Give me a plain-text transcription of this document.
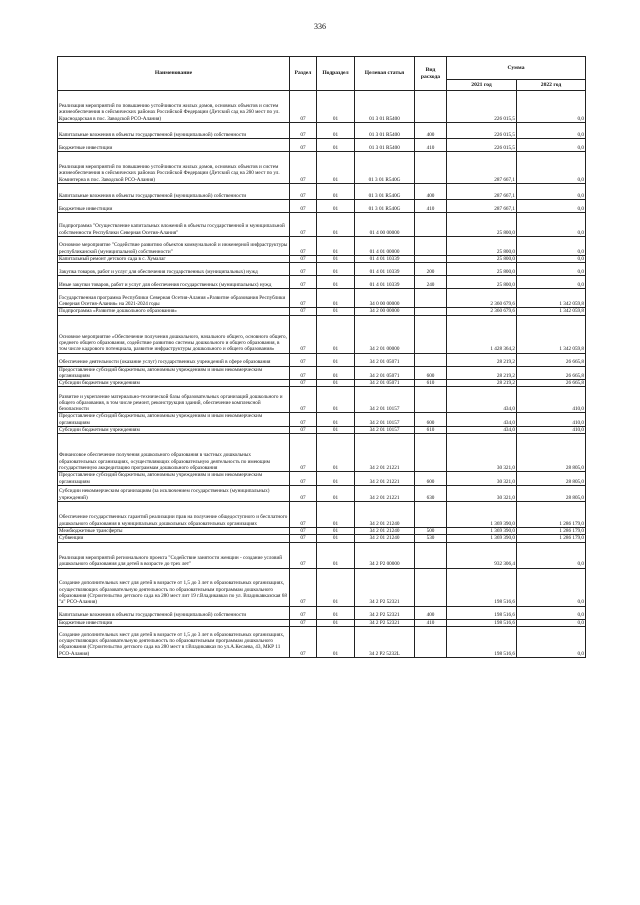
336
Наименование	Раздел	Подраздел	Целевая статья	Вид расхода	Сумма	
					2021 год	2022 год
Реализация мероприятий по повышению устойчивости жилых домов, основных объектов и систем жизнеобеспечения в сейсмических районах Российской Федерации (Детский сад на 260 мест по ул. Краснодарская в пос. Заводской РСО-Алания)	07	01	01 3 01 R5400		226 015,5	0,0
Капитальные вложения в объекты государственной (муниципальной) собственности	07	01	01 3 01 R5400	400	226 015,5	0,0
Бюджетные инвестиции	07	01	01 3 01 R5400	410	226 015,5	0,0
Реализация мероприятий по повышению устойчивости жилых домов, основных объектов и систем жизнеобеспечения в сейсмических районах Российской Федерации (Детский сад на 280 мест по ул. Коминтерна в пос. Заводской РСО-Алания)	07	01	01 3 01 R540G		287 667,1	0,0
Капитальные вложения в объекты государственной (муниципальной) собственности	07	01	01 3 01 R540G	400	287 667,1	0,0
Бюджетные инвестиции	07	01	01 3 01 R540G	410	287 667,1	0,0
Подпрограмма "Осуществление капитальных вложений в объекты государственной и муниципальной собственности Республики Северная Осетия-Алания"	07	01	01 4 00 00000		25 800,0	0,0
Основное мероприятие "Содействие развитию объектов коммунальной и инженерной инфраструктуры республиканской (муниципальной) собственности"	07	01	01 4 01 00000		25 800,0	0,0
Капитальный ремонт детского сада в с. Хумалаг	07	01	01 4 01 10339		25 800,0	0,0
Закупка товаров, работ и услуг для обеспечения государственных (муниципальных) нужд	07	01	01 4 01 10339	200	25 800,0	0,0
Иные закупки товаров, работ и услуг для обеспечения государственных (муниципальных) нужд	07	01	01 4 01 10339	240	25 800,0	0,0
Государственная программа Республики Северная Осетия-Алания «Развитие образования Республики Северная Осетия-Алания» на 2021-2024 годы	07	01	34 0 00 00000		2 360 679,6	1 342 059,8
Подпрограмма «Развитие дошкольного образования»	07	01	34 2 00 00000		2 360 679,6	1 342 059,8
Основное мероприятие «Обеспечение получения дошкольного, начального общего, основного общего, среднего общего образования, содействие развитию системы дошкольного и общего образования, в том числе кадрового потенциала, развитие инфраструктуры дошкольного и общего образования»	07	01	34 2 01 00000		1 428 364,2	1 342 059,8
Обеспечение деятельности (оказание услуг) государственных учреждений в сфере образования	07	01	34 2 01 05071		28 219,2	26 665,8
Предоставление субсидий бюджетным, автономным учреждениям и иным некоммерческим организациям	07	01	34 2 01 05071	600	28 219,2	26 665,8
Субсидии бюджетным учреждениям	07	01	34 2 01 05071	610	28 219,2	26 665,8
Развитие и укрепление материально-технической базы образовательных организаций дошкольного и общего образования, в том числе ремонт, реконструкция зданий, обеспечение комплексной безопасности	07	01	34 2 01 10157		434,0	410,0
Предоставление субсидий бюджетным, автономным учреждениям и иным некоммерческим организациям	07	01	34 2 01 10157	600	434,0	410,0
Субсидии бюджетным учреждениям	07	01	34 2 01 10157	610	434,0	410,0
Финансовое обеспечение получения дошкольного образования в частных дошкольных образовательных организациях, осуществляющих образовательную деятельность по имеющим государственную аккредитацию программам дошкольного образования	07	01	34 2 01 21221		30 321,0	28 805,0
Предоставление субсидий бюджетным, автономным учреждениям и иным некоммерческим организациям	07	01	34 2 01 21221	600	30 321,0	28 805,0
Субсидии некоммерческим организациям (за исключением государственных (муниципальных) учреждений)	07	01	34 2 01 21221	630	30 321,0	28 805,0
Обеспечение государственных гарантий реализации прав на получение общедоступного и бесплатного дошкольного образования в муниципальных дошкольных образовательных организациях	07	01	34 2 01 21240		1 369 390,0	1 286 179,0
Межбюджетные трансферты	07	01	34 2 01 21240	500	1 369 390,0	1 286 179,0
Субвенции	07	01	34 2 01 21240	530	1 369 390,0	1 286 179,0
Реализация мероприятий регионального проекта "Содействие занятости женщин - создание условий дошкольного образования для детей в возрасте до трех лет"	07	01	34 2 P2 00000		932 306,4	0,0
Создание дополнительных мест для детей в возрасте от 1,5 до 3 лет в образовательных организациях, осуществляющих образовательную деятельность по образовательным программам дошкольного образования (Строительство детского сада на 280 мест лит 19 г.Владикавказ по ул. Владикавказская 68 "а" РСО-Алания)	07	01	34 2 P2 52321		198 516,6	0,0
Капитальные вложения в объекты государственной (муниципальной) собственности	07	01	34 2 P2 52321	400	198 516,6	0,0
Бюджетные инвестиции	07	01	34 2 P2 52321	410	198 516,6	0,0
Создание дополнительных мест для детей в возрасте от 1,5 до 3 лет в образовательных организациях, осуществляющих образовательную деятельность по образовательным программам дошкольного образования (Строительство детского сада на 280 мест в г.Владикавказ по ул.А.Кесаева, 43, МКР 11 РСО-Алания)	07	01	34 2 P2 5232L		198 516,6	0,0
